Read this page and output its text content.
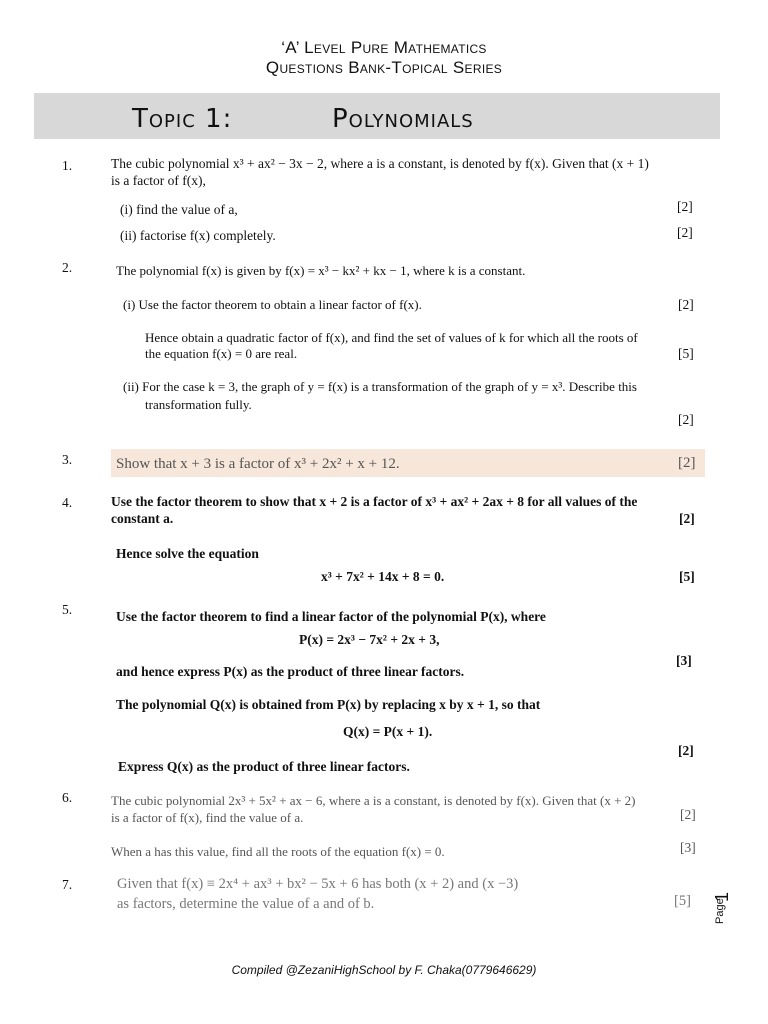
‘A’ Level Pure Mathematics
Questions Bank-Topical Series
Topic 1:	Polynomials
1.	The cubic polynomial x³ + ax² − 3x − 2, where a is a constant, is denoted by f(x). Given that (x + 1)
is a factor of f(x),
(i) find the value of a,	[2]
(ii) factorise f(x) completely.	[2]
2.	The polynomial f(x) is given by f(x) = x³ − kx² + kx − 1, where k is a constant.
(i) Use the factor theorem to obtain a linear factor of f(x).	[2]
Hence obtain a quadratic factor of f(x), and find the set of values of k for which all the roots of
the equation f(x) = 0 are real.	[5]
(ii) For the case k = 3, the graph of y = f(x) is a transformation of the graph of y = x³. Describe this
transformation fully.
[2]
3.	Show that x + 3 is a factor of x³ + 2x² + x + 12.	[2]
4.	Use the factor theorem to show that x + 2 is a factor of x³ + ax² + 2ax + 8 for all values of the
constant a.	[2]
Hence solve the equation
x³ + 7x² + 14x + 8 = 0.	[5]
5.	Use the factor theorem to find a linear factor of the polynomial P(x), where
P(x) = 2x³ − 7x² + 2x + 3,
and hence express P(x) as the product of three linear factors.
[3]
The polynomial Q(x) is obtained from P(x) by replacing x by x + 1, so that
Q(x) = P(x + 1).
Express Q(x) as the product of three linear factors.
[2]
6.	The cubic polynomial 2x³ + 5x² + ax − 6, where a is a constant, is denoted by f(x). Given that (x + 2)
is a factor of f(x), find the value of a.	[2]
When a has this value, find all the roots of the equation f(x) = 0.	[3]
7.	Given that f(x) ≡ 2x⁴ + ax³ + bx² − 5x + 6 has both (x + 2) and (x −3)
as factors, determine the value of a and of b.	[5] Page
1
Compiled @ZezaniHighSchool by F. Chaka(0779646629)
